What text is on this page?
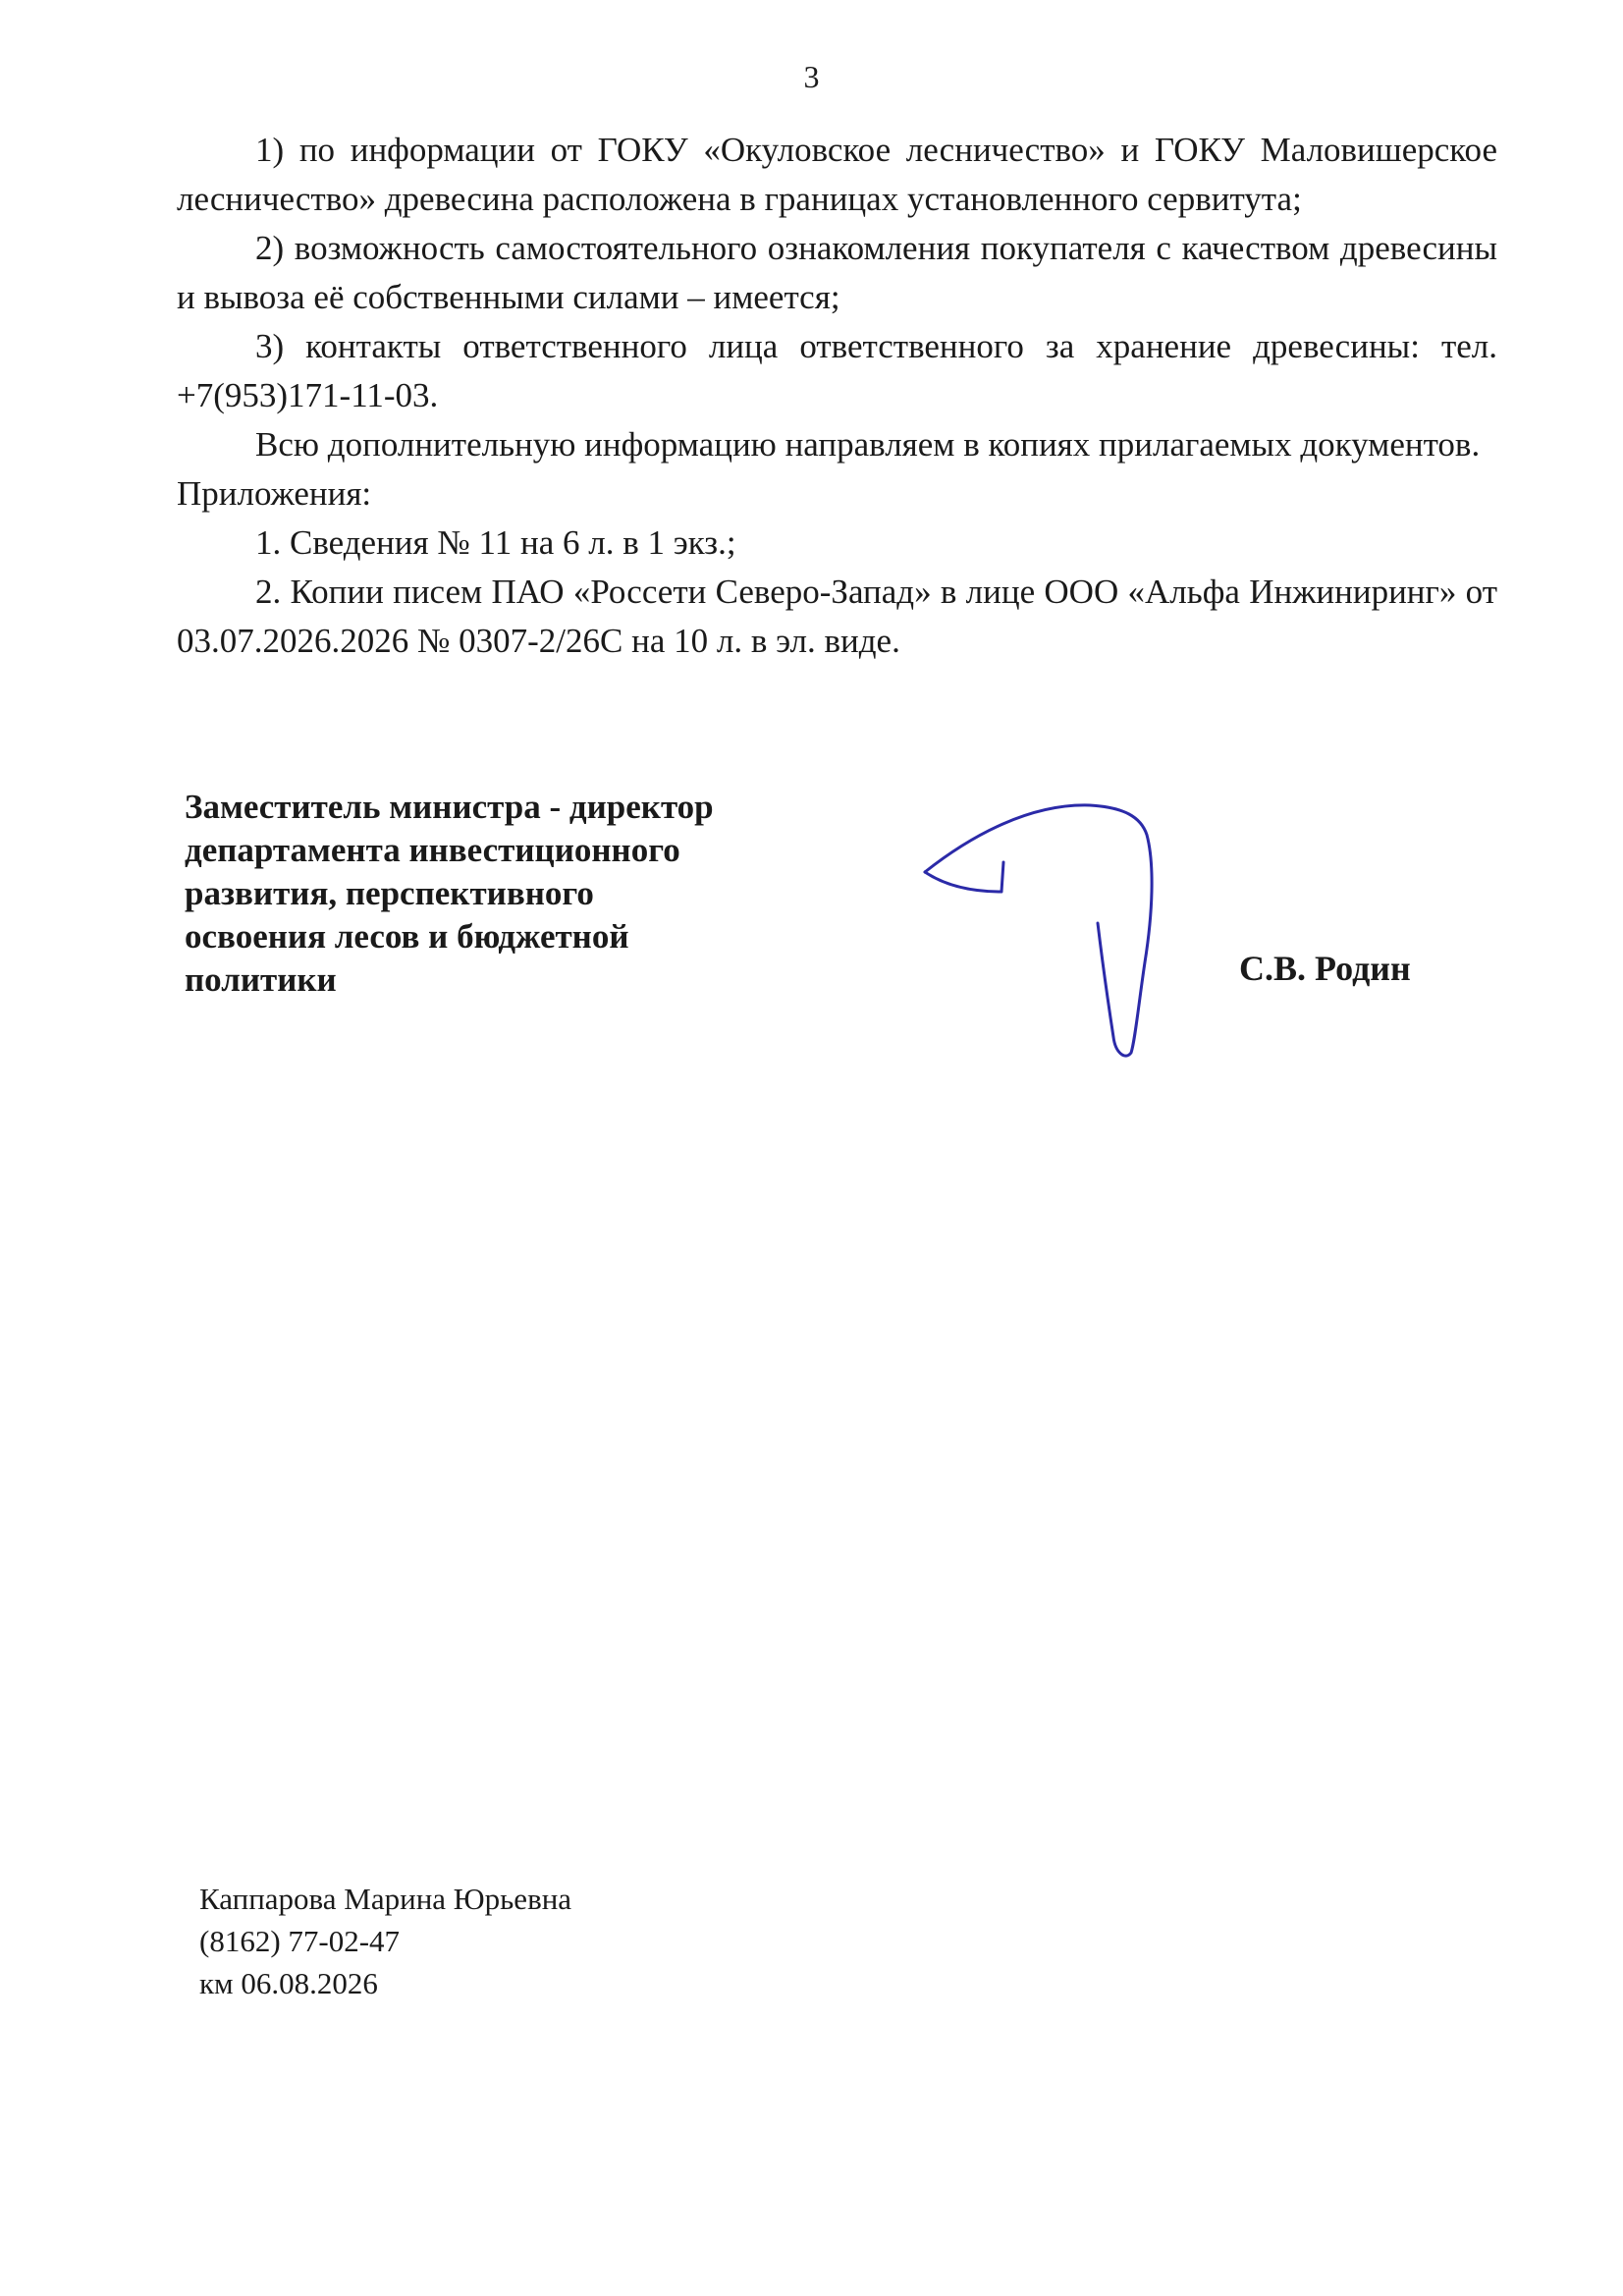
3

1) по информации от ГОКУ «Окуловское лесничество» и ГОКУ Маловишерское лесничество» древесина расположена в границах установленного сервитута;

2) возможность самостоятельного ознакомления покупателя с качеством древесины и вывоза её собственными силами – имеется;

3) контакты ответственного лица ответственного за хранение древесины: тел. +7(953)171-11-03.

Всю дополнительную информацию направляем в копиях прилагаемых документов.

Приложения:

1. Сведения № 11 на 6 л. в 1 экз.;

2. Копии писем ПАО «Россети Северо-Запад» в лице ООО «Альфа Инжиниринг» от 03.07.2026.2026 № 0307-2/26С на 10 л. в эл. виде.

Заместитель министра - директор
департамента инвестиционного
развития, перспективного
освоения лесов и бюджетной
политики	С.В. Родин
Каппарова Марина Юрьевна
(8162) 77-02-47
км 06.08.2026
